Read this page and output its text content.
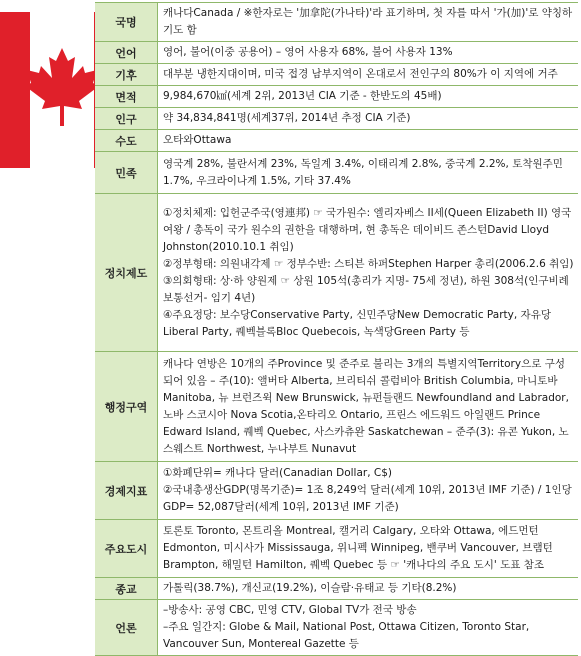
국명	캐나다Canada / ※한자로는 '加拿陀(가나타)'라 표기하며, 첫 자를 따서 '가(加)'로 약칭하기도 함
언어	영어, 불어(이중 공용어) – 영어 사용자 68%, 불어 사용자 13%
기후	대부분 냉한지대이며, 미국 접경 남부지역이 온대로서 전인구의 80%가 이 지역에 거주
면적	9,984,670㎢(세계 2위, 2013년 CIA 기준 - 한반도의 45배)
인구	약 34,834,841명(세계37위, 2014년 추정 CIA 기준)
수도	오타와Ottawa
민족	영국계 28%, 불란서계 23%, 독일계 3.4%, 이태리계 2.8%, 중국계 2.2%, 토착원주민 1.7%, 우크라이나계 1.5%, 기타 37.4%
정치제도	①정치체제: 입헌군주국(영連邦) ☞ 국가원수: 엘리자베스 II세(Queen Elizabeth II) 영국 여왕 / 총독이 국가 원수의 권한을 대행하며, 현 총독은 데이비드 존스턴David Lloyd Johnston(2010.10.1 취임)
②정부형태: 의원내각제 ☞ 정부수반: 스티븐 하퍼Stephen Harper 총리(2006.2.6 취임)
③의회형태: 상·하 양원제 ☞ 상원 105석(총리가 지명- 75세 정년), 하원 308석(인구비례 보통선거- 임기 4년)
④주요정당: 보수당Conservative Party, 신민주당New Democratic Party, 자유당Liberal Party, 퀘벡블록Bloc Quebecois, 녹색당Green Party 등

행정구역	캐나다 연방은 10개의 주Province 및 준주로 불리는 3개의 특별지역Territory으로 구성되어 있음 – 주(10): 앨버타 Alberta, 브리티쉬 콜럼비아 British Columbia, 마니토바 Manitoba, 뉴 브런즈윅 New Brunswick, 뉴펀들랜드 Newfoundland and Labrador, 노바 스코시아 Nova Scotia,온타리오 Ontario, 프린스 에드워드 아일랜드 Prince Edward Island, 퀘벡 Quebec, 사스카츄완 Saskatchewan – 준주(3): 유콘 Yukon, 노스웨스트 Northwest, 누나부트 Nunavut
경제지표	①화폐단위= 캐나다 달러(Canadian Dollar, C$)
②국내총생산GDP(명목기준)= 1조 8,249억 달러(세계 10위, 2013년 IMF 기준) / 1인당 GDP= 52,087달러(세계 10위, 2013년 IMF 기준)

주요도시	토론토 Toronto, 몬트리올 Montreal, 캘거리 Calgary, 오타와 Ottawa, 에드먼턴 Edmonton, 미시사가 Mississauga, 위니펙 Winnipeg, 밴쿠버 Vancouver, 브램턴 Brampton, 해밀턴 Hamilton, 퀘벡 Quebec 등 ☞ '캐나다의 주요 도시' 도표 참조
종교	가톨릭(38.7%), 개신교(19.2%), 이슬람·유태교 등 기타(8.2%)
언론	–방송사: 공영 CBC, 민영 CTV, Global TV가 전국 방송
–주요 일간지: Globe & Mail, National Post, Ottawa Citizen, Toronto Star, Vancouver Sun, Montereal Gazette 등
